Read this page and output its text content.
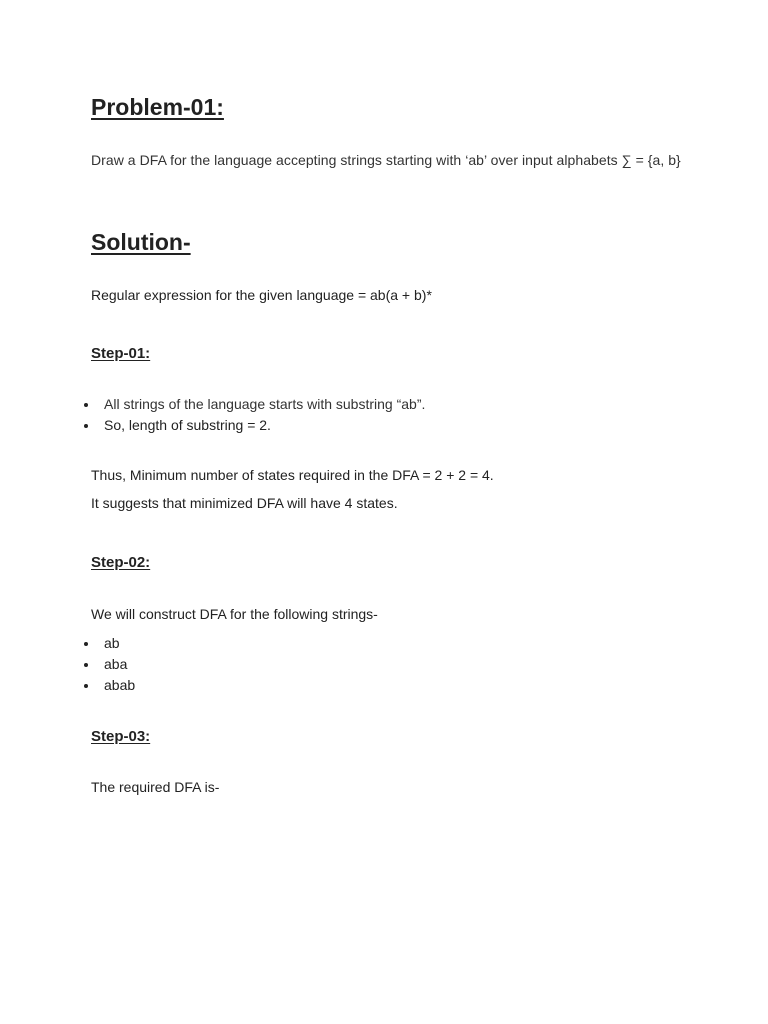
Problem-01:
Draw a DFA for the language accepting strings starting with ‘ab’ over input alphabets ∑ = {a, b}
Solution-
Regular expression for the given language = ab(a + b)*
Step-01:
All strings of the language starts with substring “ab”.
So, length of substring = 2.
Thus, Minimum number of states required in the DFA = 2 + 2 = 4.
It suggests that minimized DFA will have 4 states.
Step-02:
We will construct DFA for the following strings-
ab
aba
abab
Step-03:
The required DFA is-
